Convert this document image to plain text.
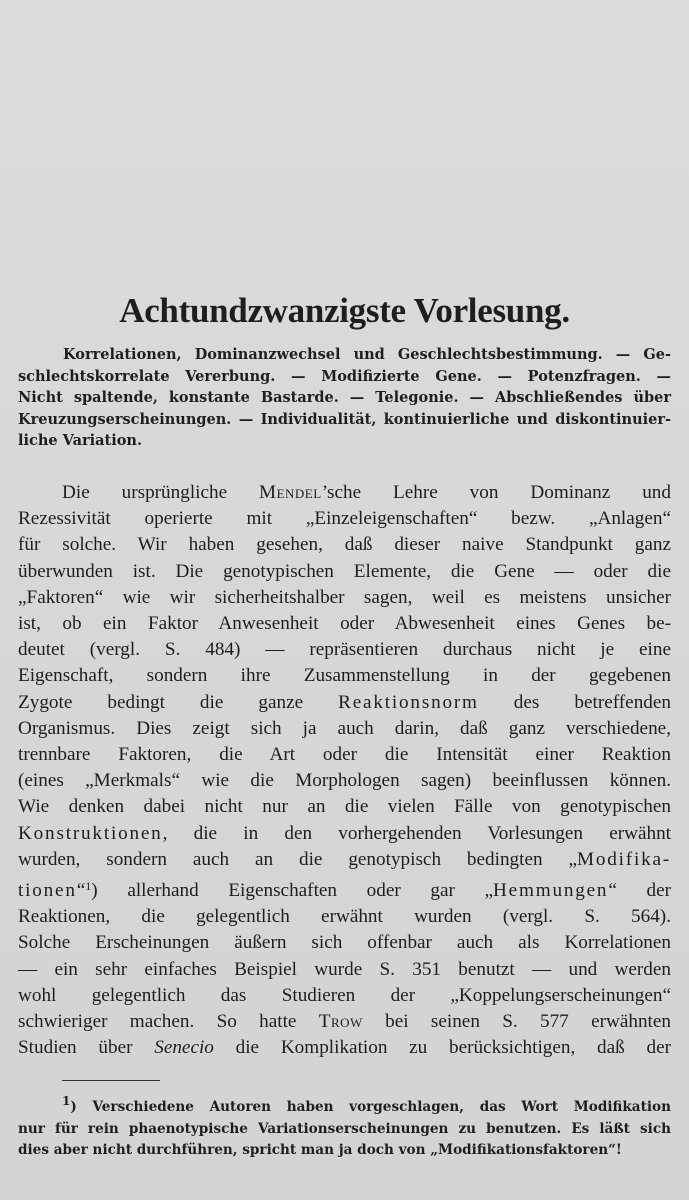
Achtundzwanzigste Vorlesung.
Korrelationen, Dominanzwechsel und Geschlechtsbestimmung. — Ge-
schlechtskorrelate Vererbung. — Modifizierte Gene. — Potenzfragen. —
Nicht spaltende, konstante Bastarde. — Telegonie. — Abschließendes über
Kreuzungserscheinungen. — Individualität, kontinuierliche und diskontinuier-
liche Variation.
Die ursprüngliche Mendel’sche Lehre von Dominanz und
Rezessivität operierte mit „Einzeleigenschaften“ bezw. „Anlagen“
für solche. Wir haben gesehen, daß dieser naive Standpunkt ganz
überwunden ist. Die genotypischen Elemente, die Gene — oder die
„Faktoren“ wie wir sicherheitshalber sagen, weil es meistens unsicher
ist, ob ein Faktor Anwesenheit oder Abwesenheit eines Genes be-
deutet (vergl. S. 484) — repräsentieren durchaus nicht je eine
Eigenschaft, sondern ihre Zusammenstellung in der gegebenen
Zygote bedingt die ganze Reaktionsnorm des betreffenden
Organismus. Dies zeigt sich ja auch darin, daß ganz verschiedene,
trennbare Faktoren, die Art oder die Intensität einer Reaktion
(eines „Merkmals“ wie die Morphologen sagen) beeinflussen können.
Wie denken dabei nicht nur an die vielen Fälle von genotypischen
Konstruktionen, die in den vorhergehenden Vorlesungen erwähnt
wurden, sondern auch an die genotypisch bedingten „Modifika-
tionen“$^1$) allerhand Eigenschaften oder gar „Hemmungen“ der
Reaktionen, die gelegentlich erwähnt wurden (vergl. S. 564).
Solche Erscheinungen äußern sich offenbar auch als Korrelationen
— ein sehr einfaches Beispiel wurde S. 351 benutzt — und werden
wohl gelegentlich das Studieren der „Koppelungserscheinungen“
schwieriger machen. So hatte Trow bei seinen S. 577 erwähnten
Studien über Senecio die Komplikation zu berücksichtigen, daß der
1) Verschiedene Autoren haben vorgeschlagen, das Wort Modifikation
nur für rein phaenotypische Variationserscheinungen zu benutzen. Es läßt sich
dies aber nicht durchführen, spricht man ja doch von „Modifikationsfaktoren“!
